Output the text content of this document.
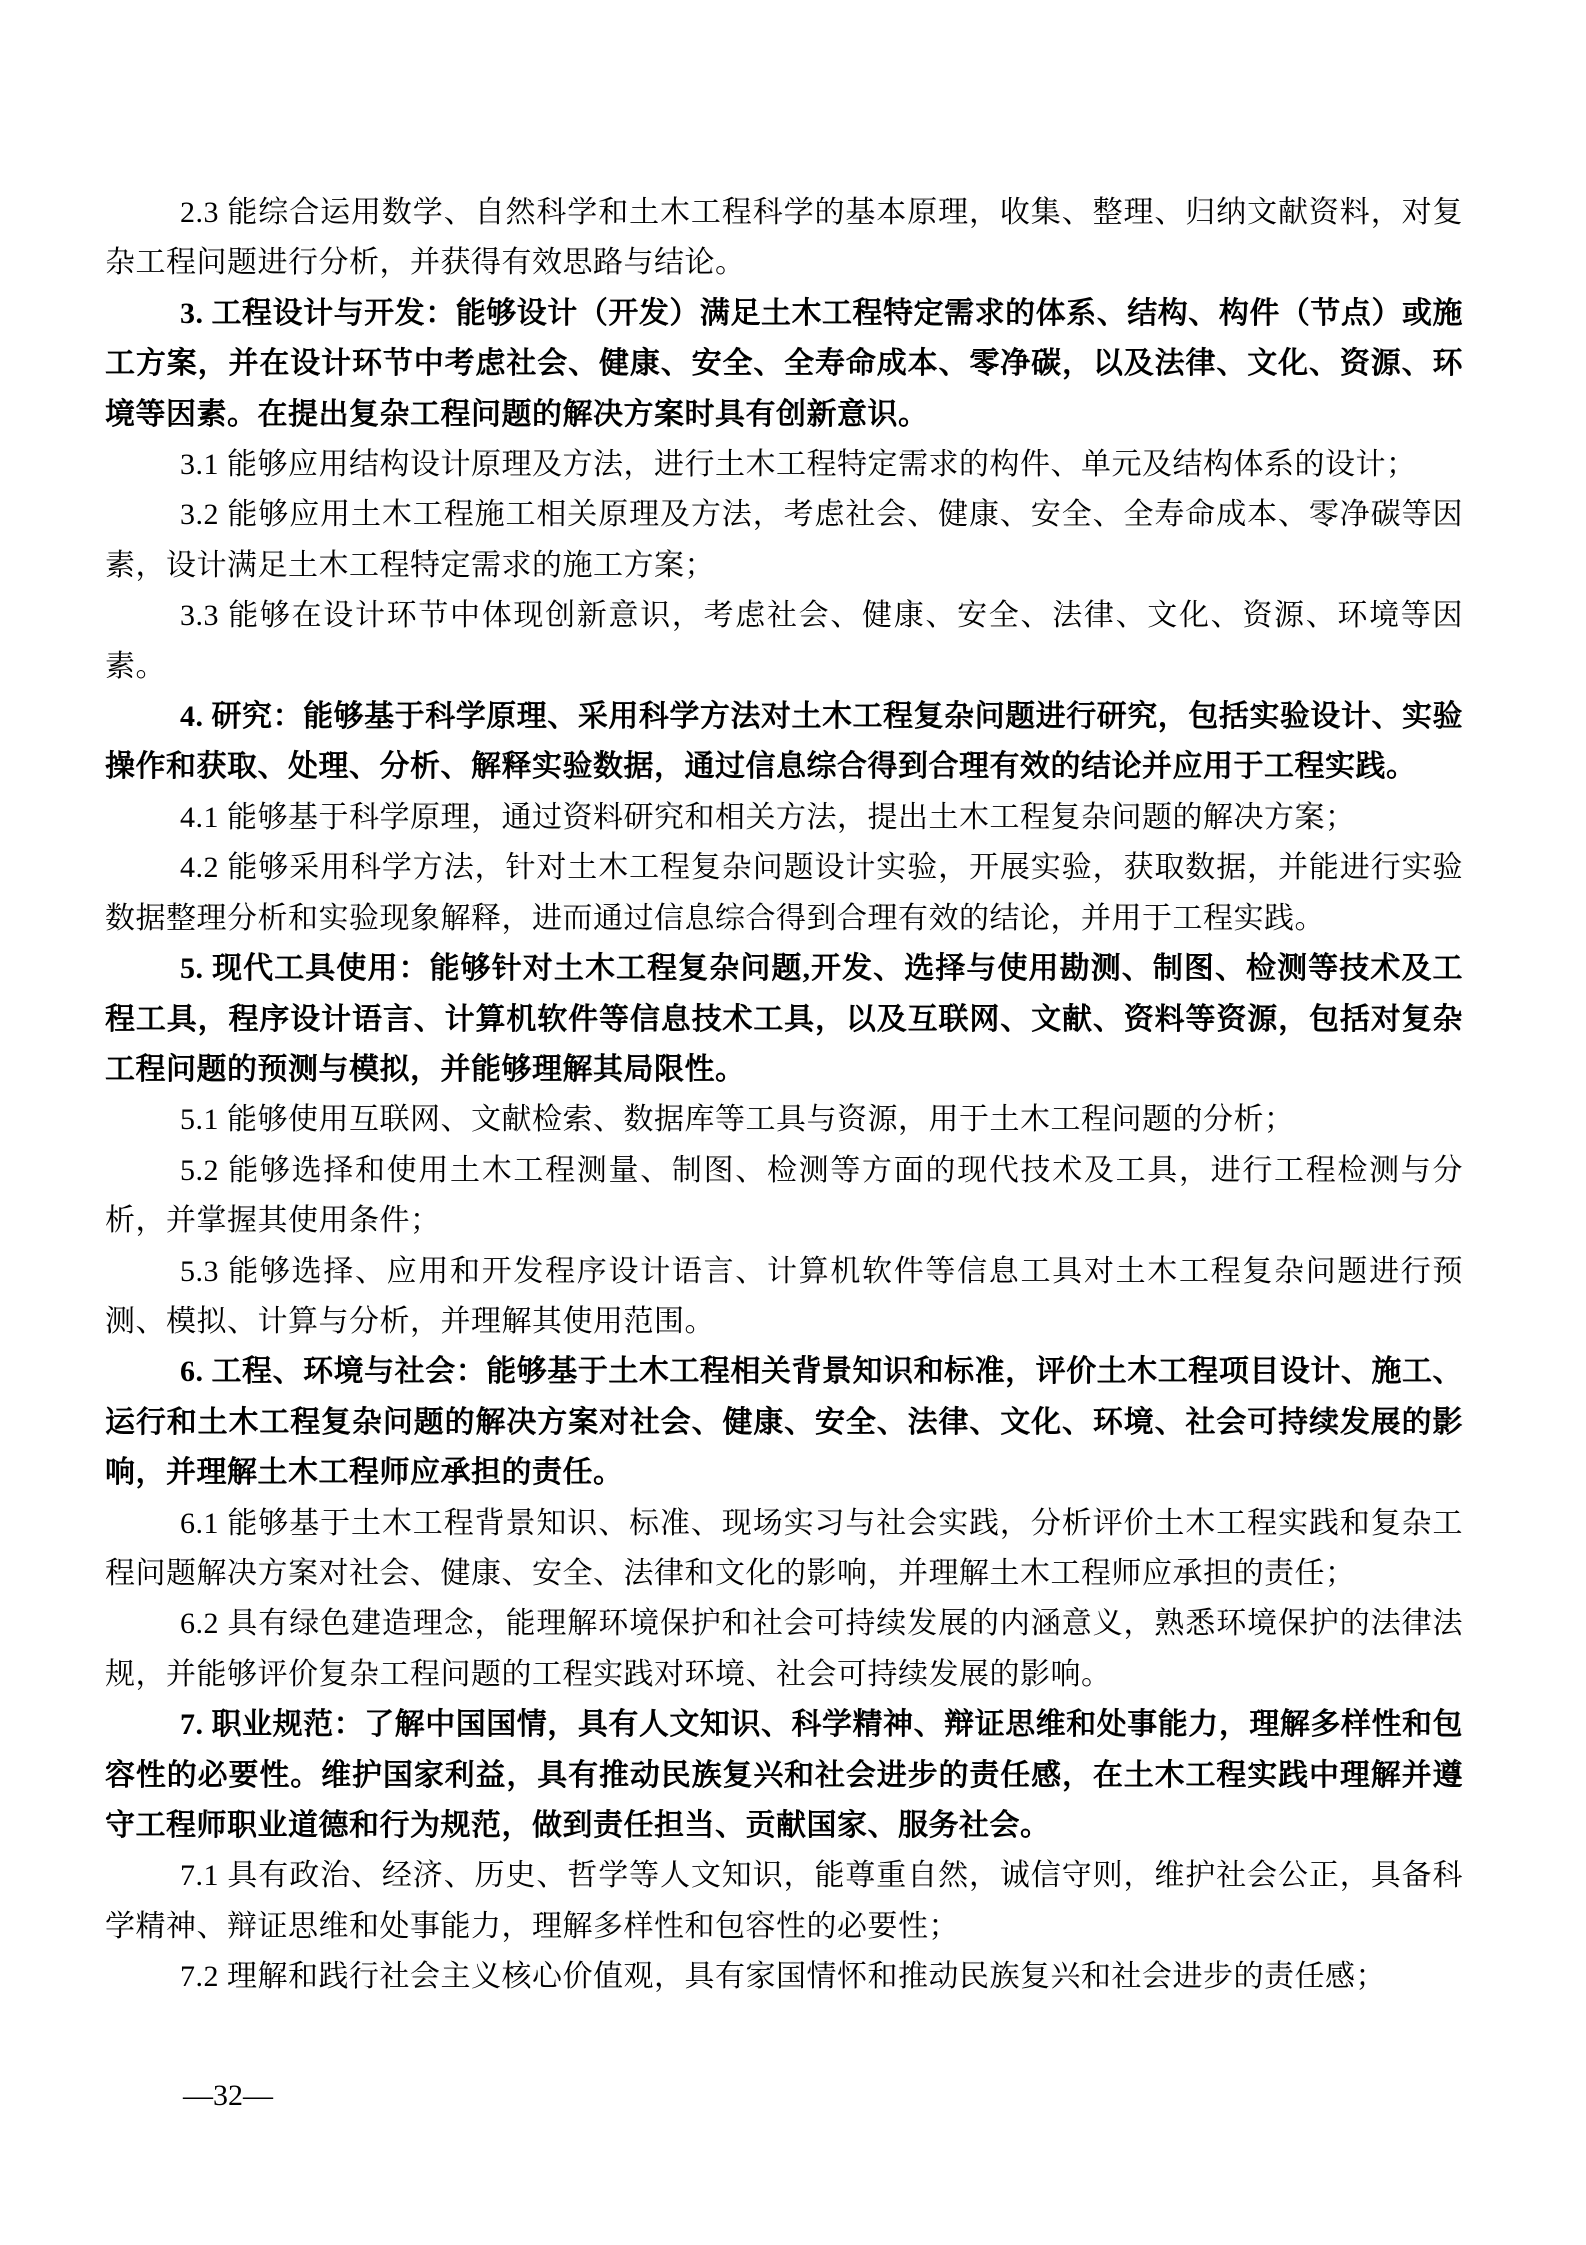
2.3 能综合运用数学、自然科学和土木工程科学的基本原理，收集、整理、归纳文献资料，对复杂工程问题进行分析，并获得有效思路与结论。

3. 工程设计与开发：能够设计（开发）满足土木工程特定需求的体系、结构、构件（节点）或施工方案，并在设计环节中考虑社会、健康、安全、全寿命成本、零净碳，以及法律、文化、资源、环境等因素。在提出复杂工程问题的解决方案时具有创新意识。

3.1 能够应用结构设计原理及方法，进行土木工程特定需求的构件、单元及结构体系的设计；

3.2 能够应用土木工程施工相关原理及方法，考虑社会、健康、安全、全寿命成本、零净碳等因素，设计满足土木工程特定需求的施工方案；

3.3 能够在设计环节中体现创新意识，考虑社会、健康、安全、法律、文化、资源、环境等因素。

4. 研究：能够基于科学原理、采用科学方法对土木工程复杂问题进行研究，包括实验设计、实验操作和获取、处理、分析、解释实验数据，通过信息综合得到合理有效的结论并应用于工程实践。

4.1 能够基于科学原理，通过资料研究和相关方法，提出土木工程复杂问题的解决方案；

4.2 能够采用科学方法，针对土木工程复杂问题设计实验，开展实验，获取数据，并能进行实验数据整理分析和实验现象解释，进而通过信息综合得到合理有效的结论，并用于工程实践。

5. 现代工具使用：能够针对土木工程复杂问题,开发、选择与使用勘测、制图、检测等技术及工程工具，程序设计语言、计算机软件等信息技术工具，以及互联网、文献、资料等资源，包括对复杂工程问题的预测与模拟，并能够理解其局限性。

5.1 能够使用互联网、文献检索、数据库等工具与资源，用于土木工程问题的分析；

5.2 能够选择和使用土木工程测量、制图、检测等方面的现代技术及工具，进行工程检测与分析，并掌握其使用条件；

5.3 能够选择、应用和开发程序设计语言、计算机软件等信息工具对土木工程复杂问题进行预测、模拟、计算与分析，并理解其使用范围。

6. 工程、环境与社会：能够基于土木工程相关背景知识和标准，评价土木工程项目设计、施工、运行和土木工程复杂问题的解决方案对社会、健康、安全、法律、文化、环境、社会可持续发展的影响，并理解土木工程师应承担的责任。

6.1 能够基于土木工程背景知识、标准、现场实习与社会实践，分析评价土木工程实践和复杂工程问题解决方案对社会、健康、安全、法律和文化的影响，并理解土木工程师应承担的责任；

6.2 具有绿色建造理念，能理解环境保护和社会可持续发展的内涵意义，熟悉环境保护的法律法规，并能够评价复杂工程问题的工程实践对环境、社会可持续发展的影响。

7. 职业规范：了解中国国情，具有人文知识、科学精神、辩证思维和处事能力，理解多样性和包容性的必要性。维护国家利益，具有推动民族复兴和社会进步的责任感，在土木工程实践中理解并遵守工程师职业道德和行为规范，做到责任担当、贡献国家、服务社会。

7.1 具有政治、经济、历史、哲学等人文知识，能尊重自然，诚信守则，维护社会公正，具备科学精神、辩证思维和处事能力，理解多样性和包容性的必要性；

7.2 理解和践行社会主义核心价值观，具有家国情怀和推动民族复兴和社会进步的责任感；

—32—
